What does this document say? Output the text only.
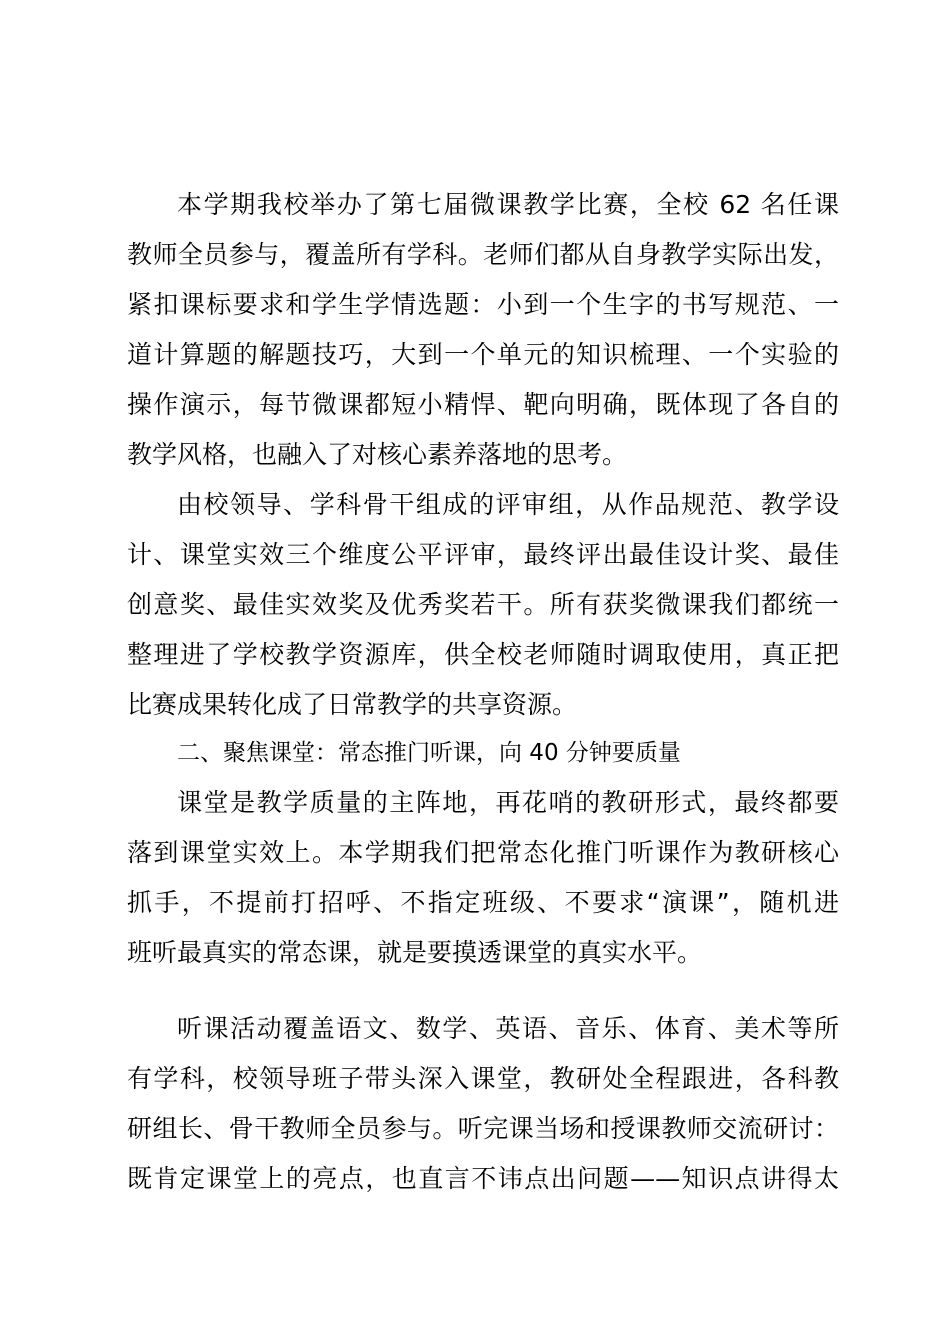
本学期我校举办了第七届微课教学比赛，全校 62 名任课
教师全员参与，覆盖所有学科。老师们都从自身教学实际出发，
紧扣课标要求和学生学情选题：小到一个生字的书写规范、一
道计算题的解题技巧，大到一个单元的知识梳理、一个实验的
操作演示，每节微课都短小精悍、靶向明确，既体现了各自的
教学风格，也融入了对核心素养落地的思考。
由校领导、学科骨干组成的评审组，从作品规范、教学设
计、课堂实效三个维度公平评审，最终评出最佳设计奖、最佳
创意奖、最佳实效奖及优秀奖若干。所有获奖微课我们都统一
整理进了学校教学资源库，供全校老师随时调取使用，真正把
比赛成果转化成了日常教学的共享资源。
二、聚焦课堂：常态推门听课，向 40 分钟要质量
课堂是教学质量的主阵地，再花哨的教研形式，最终都要
落到课堂实效上。本学期我们把常态化推门听课作为教研核心
抓手，不提前打招呼、不指定班级、不要求“演课”，随机进
班听最真实的常态课，就是要摸透课堂的真实水平。
听课活动覆盖语文、数学、英语、音乐、体育、美术等所
有学科，校领导班子带头深入课堂，教研处全程跟进，各科教
研组长、骨干教师全员参与。听完课当场和授课教师交流研讨：
既肯定课堂上的亮点，也直言不讳点出问题——知识点讲得太
